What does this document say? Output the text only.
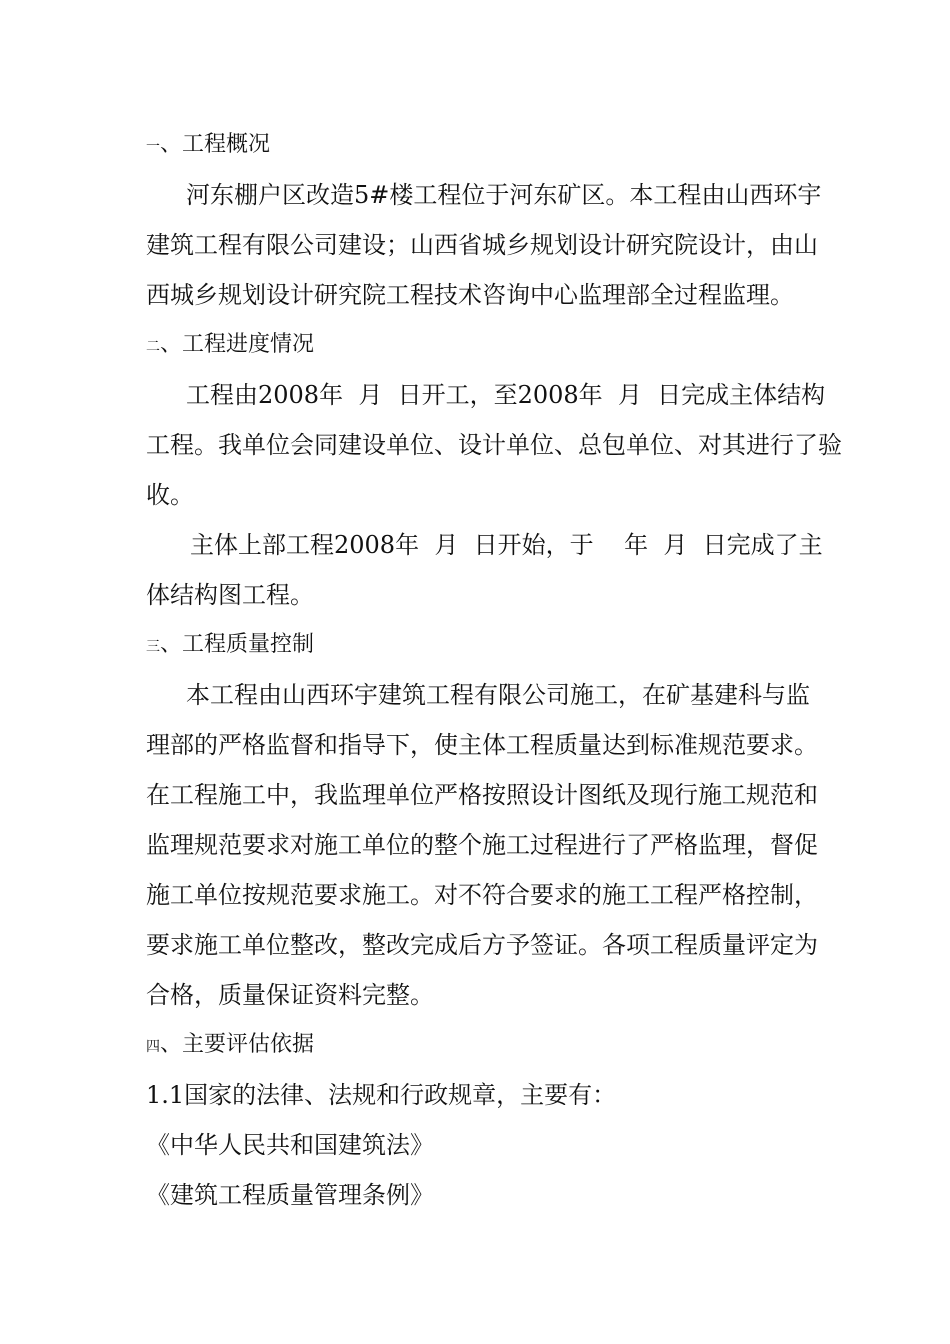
一、工程概况
河东棚户区改造5#楼工程位于河东矿区。本工程由山西环宇
建筑工程有限公司建设；山西省城乡规划设计研究院设计，由山
西城乡规划设计研究院工程技术咨询中心监理部全过程监理。
二、工程进度情况
工程由2008年  月  日开工，至2008年  月  日完成主体结构
工程。我单位会同建设单位、设计单位、总包单位、对其进行了验
收。
主体上部工程2008年  月  日开始，于    年  月  日完成了主
体结构图工程。
三、工程质量控制
本工程由山西环宇建筑工程有限公司施工，在矿基建科与监
理部的严格监督和指导下，使主体工程质量达到标准规范要求。
在工程施工中，我监理单位严格按照设计图纸及现行施工规范和
监理规范要求对施工单位的整个施工过程进行了严格监理，督促
施工单位按规范要求施工。对不符合要求的施工工程严格控制，
要求施工单位整改，整改完成后方予签证。各项工程质量评定为
合格，质量保证资料完整。
四、主要评估依据
1.1国家的法律、法规和行政规章，主要有：
《中华人民共和国建筑法》
《建筑工程质量管理条例》
